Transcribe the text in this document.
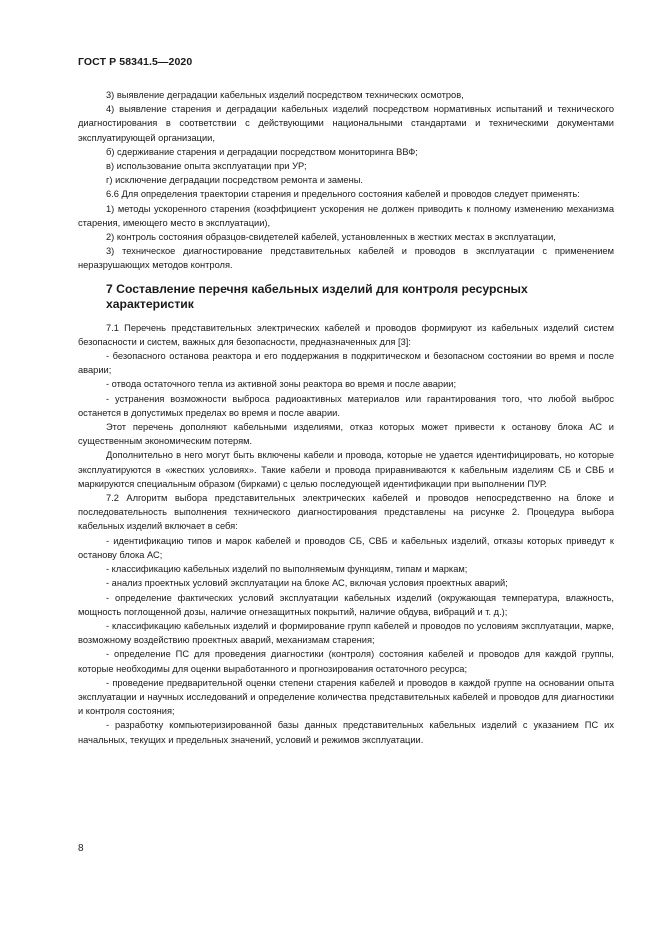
ГОСТ Р 58341.5—2020

3) выявление деградации кабельных изделий посредством технических осмотров,

4) выявление старения и деградации кабельных изделий посредством нормативных испытаний и технического диагностирования в соответствии с действующими национальными стандартами и техническими документами эксплуатирующей организации,

б) сдерживание старения и деградации посредством мониторинга ВВФ;

в) использование опыта эксплуатации при УР;

г) исключение деградации посредством ремонта и замены.

6.6 Для определения траектории старения и предельного состояния кабелей и проводов следует применять:

1) методы ускоренного старения (коэффициент ускорения не должен приводить к полному изменению механизма старения, имеющего место в эксплуатации),

2) контроль состояния образцов-свидетелей кабелей, установленных в жестких местах в эксплуатации,

3) техническое диагностирование представительных кабелей и проводов в эксплуатации с применением неразрушающих методов контроля.

7 Составление перечня кабельных изделий для контроля ресурсных характеристик

7.1 Перечень представительных электрических кабелей и проводов формируют из кабельных изделий систем безопасности и систем, важных для безопасности, предназначенных для [3]:

- безопасного останова реактора и его поддержания в подкритическом и безопасном состоянии во время и после аварии;

- отвода остаточного тепла из активной зоны реактора во время и после аварии;

- устранения возможности выброса радиоактивных материалов или гарантирования того, что любой выброс останется в допустимых пределах во время и после аварии.

Этот перечень дополняют кабельными изделиями, отказ которых может привести к останову блока АС и существенным экономическим потерям.

Дополнительно в него могут быть включены кабели и провода, которые не удается идентифицировать, но которые эксплуатируются в «жестких условиях». Такие кабели и провода приравниваются к кабельным изделиям СБ и СВБ и маркируются специальным образом (бирками) с целью последующей идентификации при выполнении ПУР.

7.2 Алгоритм выбора представительных электрических кабелей и проводов непосредственно на блоке и последовательность выполнения технического диагностирования представлены на рисунке 2. Процедура выбора кабельных изделий включает в себя:

- идентификацию типов и марок кабелей и проводов СБ, СВБ и кабельных изделий, отказы которых приведут к останову блока АС;

- классификацию кабельных изделий по выполняемым функциям, типам и маркам;

- анализ проектных условий эксплуатации на блоке АС, включая условия проектных аварий;

- определение фактических условий эксплуатации кабельных изделий (окружающая температура, влажность, мощность поглощенной дозы, наличие огнезащитных покрытий, наличие обдува, вибраций и т. д.);

- классификацию кабельных изделий и формирование групп кабелей и проводов по условиям эксплуатации, марке, возможному воздействию проектных аварий, механизмам старения;

- определение ПС для проведения диагностики (контроля) состояния кабелей и проводов для каждой группы, которые необходимы для оценки выработанного и прогнозирования остаточного ресурса;

- проведение предварительной оценки степени старения кабелей и проводов в каждой группе на основании опыта эксплуатации и научных исследований и определение количества представительных кабелей и проводов для диагностики и контроля состояния;

- разработку компьютеризированной базы данных представительных кабельных изделий с указанием ПС их начальных, текущих и предельных значений, условий и режимов эксплуатации.

8
